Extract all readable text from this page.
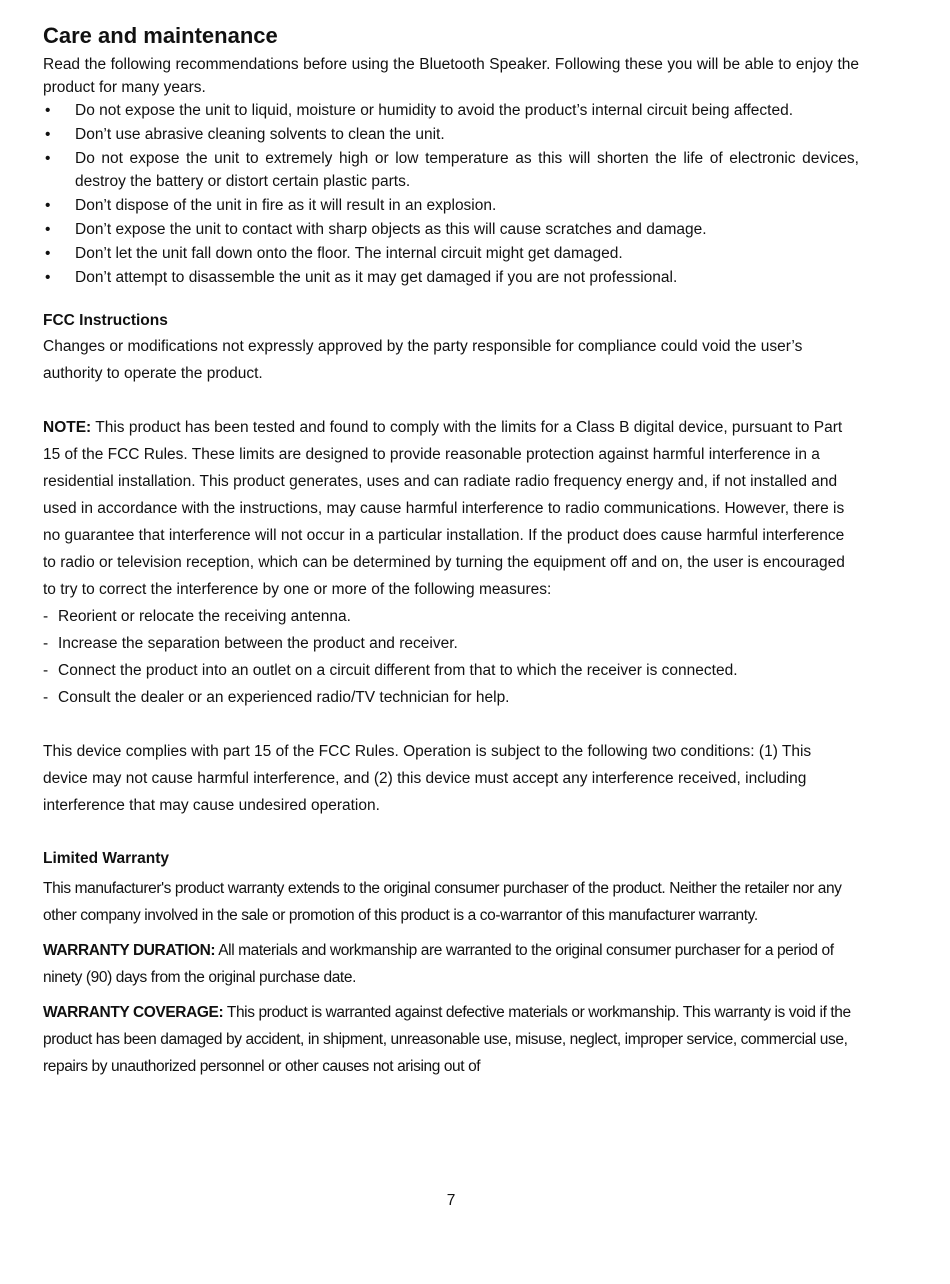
Care and maintenance

Read the following recommendations before using the Bluetooth Speaker. Following these you will be able to enjoy the product for many years.

• Do not expose the unit to liquid, moisture or humidity to avoid the product’s internal circuit being affected.
• Don’t use abrasive cleaning solvents to clean the unit.
• Do not expose the unit to extremely high or low temperature as this will shorten the life of electronic devices, destroy the battery or distort certain plastic parts.
• Don’t dispose of the unit in fire as it will result in an explosion.
• Don’t expose the unit to contact with sharp objects as this will cause scratches and damage.
• Don’t let the unit fall down onto the floor. The internal circuit might get damaged.
• Don’t attempt to disassemble the unit as it may get damaged if you are not professional.
FCC Instructions

Changes or modifications not expressly approved by the party responsible for compliance could void the user’s authority to operate the product.

NOTE: This product has been tested and found to comply with the limits for a Class B digital device, pursuant to Part 15 of the FCC Rules. These limits are designed to provide reasonable protection against harmful interference in a residential installation. This product generates, uses and can radiate radio frequency energy and, if not installed and used in accordance with the instructions, may cause harmful interference to radio communications. However, there is no guarantee that interference will not occur in a particular installation. If the product does cause harmful interference to radio or television reception, which can be determined by turning the equipment off and on, the user is encouraged to try to correct the interference by one or more of the following measures:

- Reorient or relocate the receiving antenna.
- Increase the separation between the product and receiver.
- Connect the product into an outlet on a circuit different from that to which the receiver is connected.
- Consult the dealer or an experienced radio/TV technician for help.

This device complies with part 15 of the FCC Rules. Operation is subject to the following two conditions: (1) This device may not cause harmful interference, and (2) this device must accept any interference received, including interference that may cause undesired operation.

Limited Warranty

This manufacturer's product warranty extends to the original consumer purchaser of the product. Neither the retailer nor any other company involved in the sale or promotion of this product is a co-warrantor of this manufacturer warranty.

WARRANTY DURATION: All materials and workmanship are warranted to the original consumer purchaser for a period of ninety (90) days from the original purchase date.

WARRANTY COVERAGE: This product is warranted against defective materials or workmanship. This warranty is void if the product has been damaged by accident, in shipment, unreasonable use, misuse, neglect, improper service, commercial use, repairs by unauthorized personnel or other causes not arising out of

7
